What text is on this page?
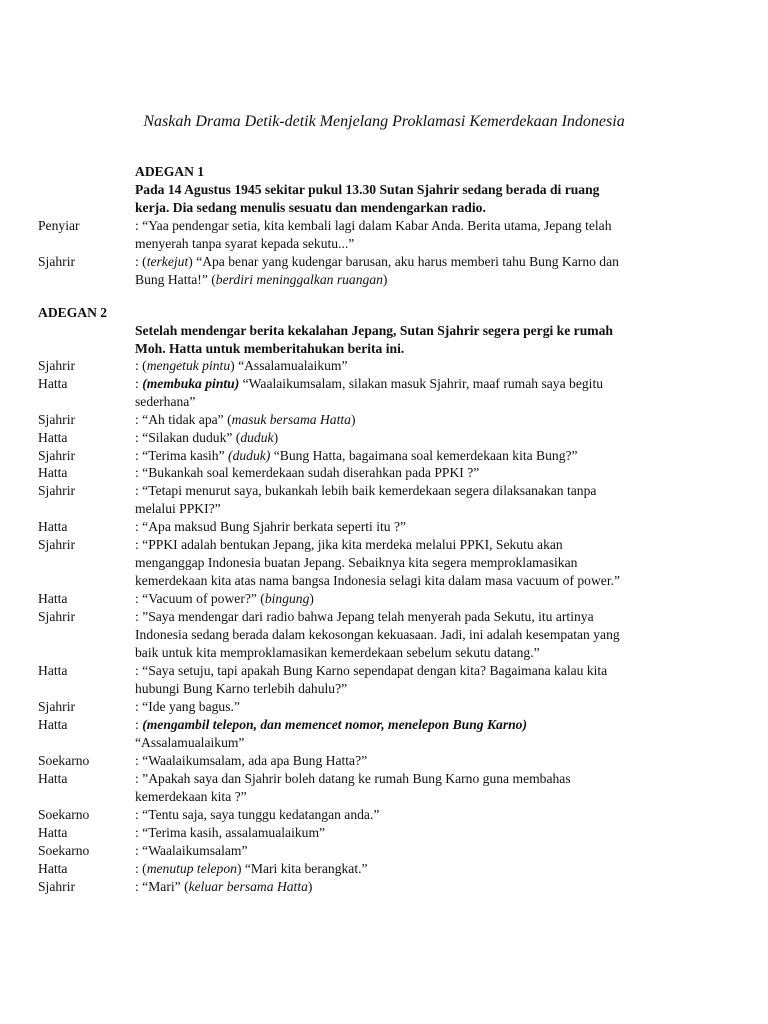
Naskah Drama Detik-detik Menjelang Proklamasi Kemerdekaan Indonesia
ADEGAN 1
Pada 14 Agustus 1945 sekitar pukul 13.30 Sutan Sjahrir sedang berada di ruang
kerja. Dia sedang menulis sesuatu dan mendengarkan radio.
ADEGAN 2
Setelah mendengar berita kekalahan Jepang, Sutan Sjahrir segera pergi ke rumah
Moh. Hatta untuk memberitahukan berita ini.
Penyiar	: “Yaa pendengar setia, kita kembali lagi dalam Kabar Anda. Berita utama, Jepang telah
menyerah tanpa syarat kepada sekutu...”
Sjahrir	: (terkejut) “Apa benar yang kudengar barusan, aku harus memberi tahu Bung Karno dan
Bung Hatta!” (berdiri meninggalkan ruangan)
Sjahrir	: (mengetuk pintu) “Assalamualaikum”
Hatta	: (membuka pintu) “Waalaikumsalam, silakan masuk Sjahrir, maaf rumah saya begitu
sederhana”
Sjahrir	: “Ah tidak apa” (masuk bersama Hatta)
Hatta	: “Silakan duduk” (duduk)
Sjahrir	: “Terima kasih” (duduk) “Bung Hatta, bagaimana soal kemerdekaan kita Bung?”
Hatta	: “Bukankah soal kemerdekaan sudah diserahkan pada PPKI ?”
Sjahrir	: “Tetapi menurut saya, bukankah lebih baik kemerdekaan segera dilaksanakan tanpa
melalui PPKI?”
Hatta	: “Apa maksud Bung Sjahrir berkata seperti itu ?”
Sjahrir	: “PPKI adalah bentukan Jepang, jika kita merdeka melalui PPKI, Sekutu akan
menganggap Indonesia buatan Jepang. Sebaiknya kita segera memproklamasikan
kemerdekaan kita atas nama bangsa Indonesia selagi kita dalam masa vacuum of power.”
Hatta	: “Vacuum of power?” (bingung)
Sjahrir	: ”Saya mendengar dari radio bahwa Jepang telah menyerah pada Sekutu, itu artinya
Indonesia sedang berada dalam kekosongan kekuasaan. Jadi, ini adalah kesempatan yang
baik untuk kita memproklamasikan kemerdekaan sebelum sekutu datang.”
Hatta	: “Saya setuju, tapi apakah Bung Karno sependapat dengan kita? Bagaimana kalau kita
hubungi Bung Karno terlebih dahulu?”
Sjahrir	: “Ide yang bagus.”
Hatta	: (mengambil telepon, dan memencet nomor, menelepon Bung Karno)
“Assalamualaikum”
Soekarno	: “Waalaikumsalam, ada apa Bung Hatta?”
Hatta	: ”Apakah saya dan Sjahrir boleh datang ke rumah Bung Karno guna membahas
kemerdekaan kita ?”
Soekarno	: “Tentu saja, saya tunggu kedatangan anda.”
Hatta	: “Terima kasih, assalamualaikum”
Soekarno	: “Waalaikumsalam”
Hatta	: (menutup telepon) “Mari kita berangkat.”
Sjahrir	: “Mari” (keluar bersama Hatta)
